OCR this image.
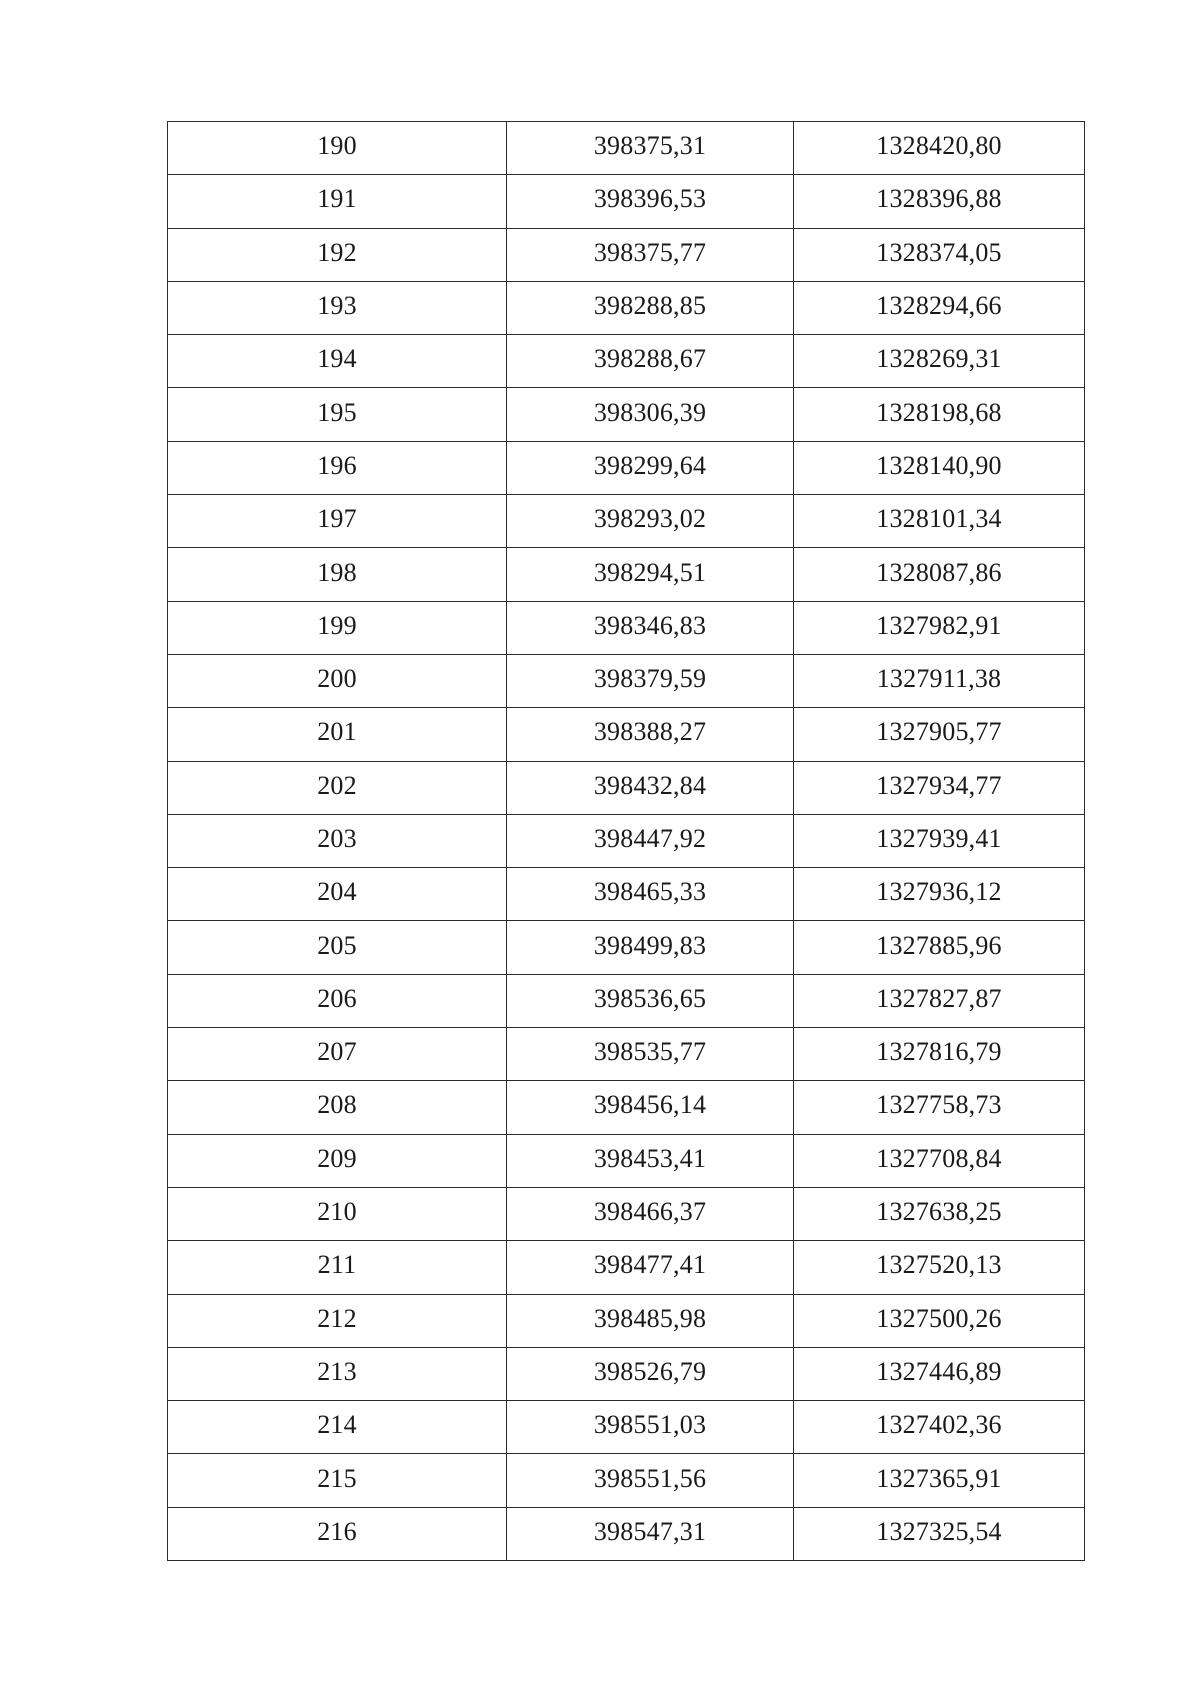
190	398375,31	1328420,80
191	398396,53	1328396,88
192	398375,77	1328374,05
193	398288,85	1328294,66
194	398288,67	1328269,31
195	398306,39	1328198,68
196	398299,64	1328140,90
197	398293,02	1328101,34
198	398294,51	1328087,86
199	398346,83	1327982,91
200	398379,59	1327911,38
201	398388,27	1327905,77
202	398432,84	1327934,77
203	398447,92	1327939,41
204	398465,33	1327936,12
205	398499,83	1327885,96
206	398536,65	1327827,87
207	398535,77	1327816,79
208	398456,14	1327758,73
209	398453,41	1327708,84
210	398466,37	1327638,25
211	398477,41	1327520,13
212	398485,98	1327500,26
213	398526,79	1327446,89
214	398551,03	1327402,36
215	398551,56	1327365,91
216	398547,31	1327325,54
